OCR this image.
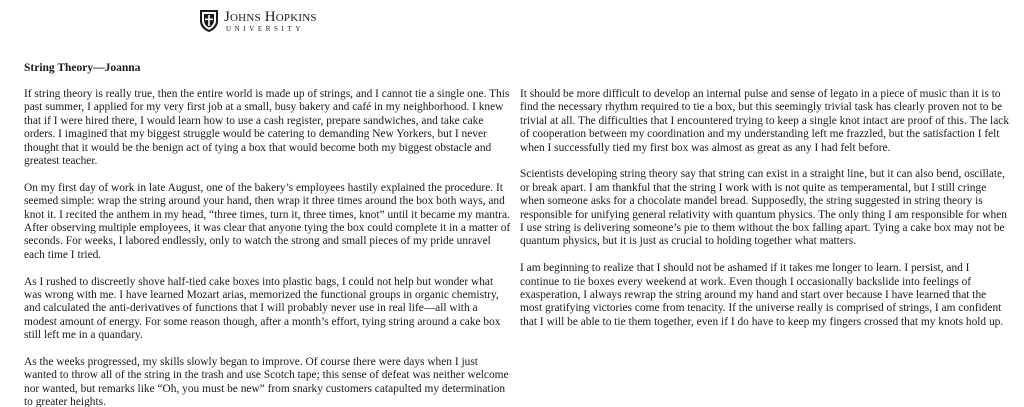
Johns Hopkins
UNIVERSITY
String Theory—Joanna

If string theory is really true, then the entire world is made up of strings, and I cannot tie a single one. This past summer, I applied for my very first job at a small, busy bakery and café in my neighborhood. I knew that if I were hired there, I would learn how to use a cash register, prepare sandwiches, and take cake orders. I imagined that my biggest struggle would be catering to demanding New Yorkers, but I never thought that it would be the benign act of tying a box that would become both my biggest obstacle and greatest teacher.

On my first day of work in late August, one of the bakery’s employees hastily explained the procedure. It seemed simple: wrap the string around your hand, then wrap it three times around the box both ways, and knot it. I recited the anthem in my head, “three times, turn it, three times, knot” until it became my mantra. After observing multiple employees, it was clear that anyone tying the box could complete it in a matter of seconds. For weeks, I labored endlessly, only to watch the strong and small pieces of my pride unravel each time I tried.

As I rushed to discreetly shove half-tied cake boxes into plastic bags, I could not help but wonder what was wrong with me. I have learned Mozart arias, memorized the functional groups in organic chemistry, and calculated the anti-derivatives of functions that I will probably never use in real life—all with a modest amount of energy. For some reason though, after a month’s effort, tying string around a cake box still left me in a quandary.

As the weeks progressed, my skills slowly began to improve. Of course there were days when I just wanted to throw all of the string in the trash and use Scotch tape; this sense of defeat was neither welcome nor wanted, but remarks like “Oh, you must be new” from snarky customers catapulted my determination to greater heights.

It should be more difficult to develop an internal pulse and sense of legato in a piece of music than it is to find the necessary rhythm required to tie a box, but this seemingly trivial task has clearly proven not to be trivial at all. The difficulties that I encountered trying to keep a single knot intact are proof of this. The lack of cooperation between my coordination and my understanding left me frazzled, but the satisfaction I felt when I successfully tied my first box was almost as great as any I had felt before.

Scientists developing string theory say that string can exist in a straight line, but it can also bend, oscillate, or break apart. I am thankful that the string I work with is not quite as temperamental, but I still cringe when someone asks for a chocolate mandel bread. Supposedly, the string suggested in string theory is responsible for unifying general relativity with quantum physics. The only thing I am responsible for when I use string is delivering someone’s pie to them without the box falling apart. Tying a cake box may not be quantum physics, but it is just as crucial to holding together what matters.

I am beginning to realize that I should not be ashamed if it takes me longer to learn. I persist, and I continue to tie boxes every weekend at work. Even though I occasionally backslide into feelings of exasperation, I always rewrap the string around my hand and start over because I have learned that the most gratifying victories come from tenacity. If the universe really is comprised of strings, I am confident that I will be able to tie them together, even if I do have to keep my fingers crossed that my knots hold up.
